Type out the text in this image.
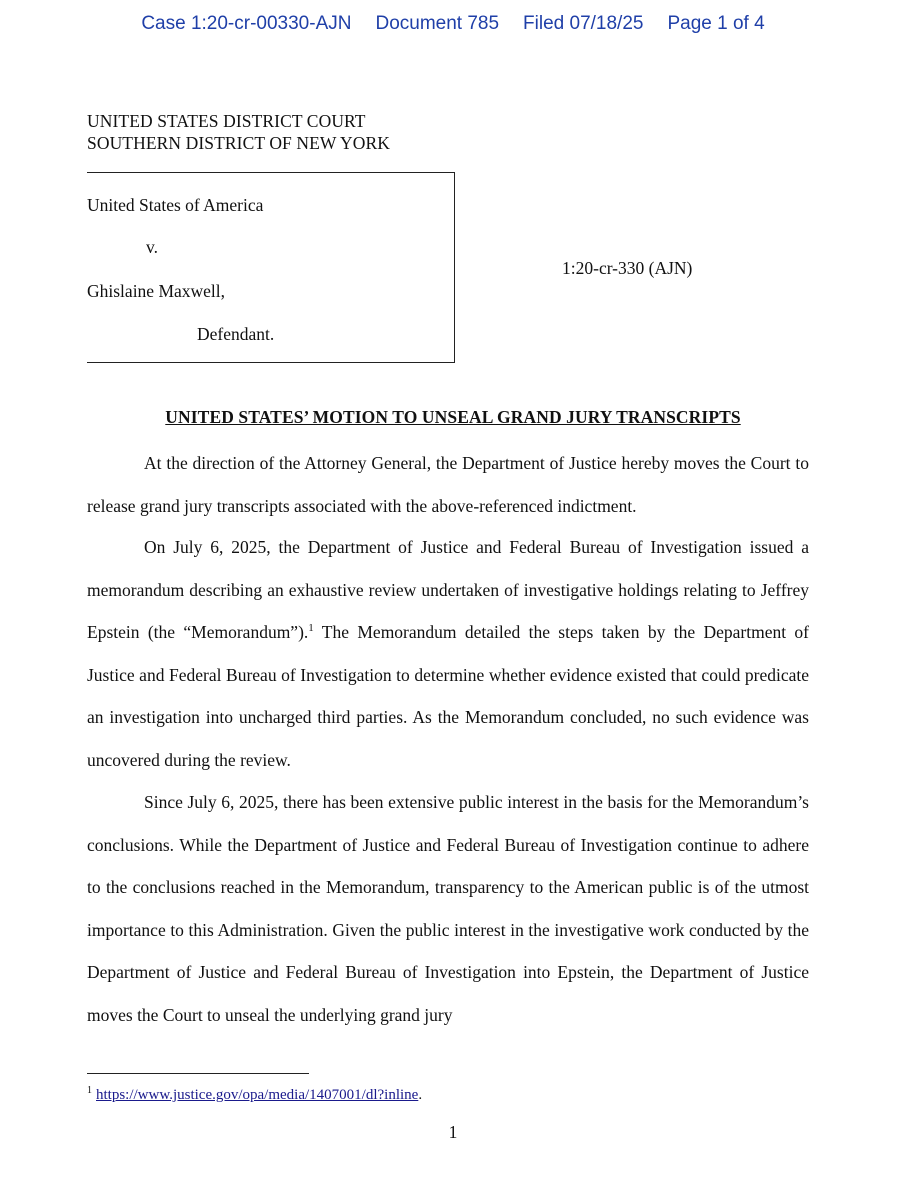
Case 1:20-cr-00330-AJN Document 785 Filed 07/18/25 Page 1 of 4
UNITED STATES DISTRICT COURT
SOUTHERN DISTRICT OF NEW YORK
United States of America
v.
Ghislaine Maxwell,
Defendant.
1:20-cr-330 (AJN)
UNITED STATES’ MOTION TO UNSEAL GRAND JURY TRANSCRIPTS

At the direction of the Attorney General, the Department of Justice hereby moves the Court to release grand jury transcripts associated with the above-referenced indictment.

On July 6, 2025, the Department of Justice and Federal Bureau of Investigation issued a memorandum describing an exhaustive review undertaken of investigative holdings relating to Jeffrey Epstein (the “Memorandum”).$^1$ The Memorandum detailed the steps taken by the Department of Justice and Federal Bureau of Investigation to determine whether evidence existed that could predicate an investigation into uncharged third parties. As the Memorandum concluded, no such evidence was uncovered during the review.

Since July 6, 2025, there has been extensive public interest in the basis for the Memorandum’s conclusions. While the Department of Justice and Federal Bureau of Investigation continue to adhere to the conclusions reached in the Memorandum, transparency to the American public is of the utmost importance to this Administration. Given the public interest in the investigative work conducted by the Department of Justice and Federal Bureau of Investigation into Epstein, the Department of Justice moves the Court to unseal the underlying grand jury

$^1$ https://www.justice.gov/opa/media/1407001/dl?inline.
1
